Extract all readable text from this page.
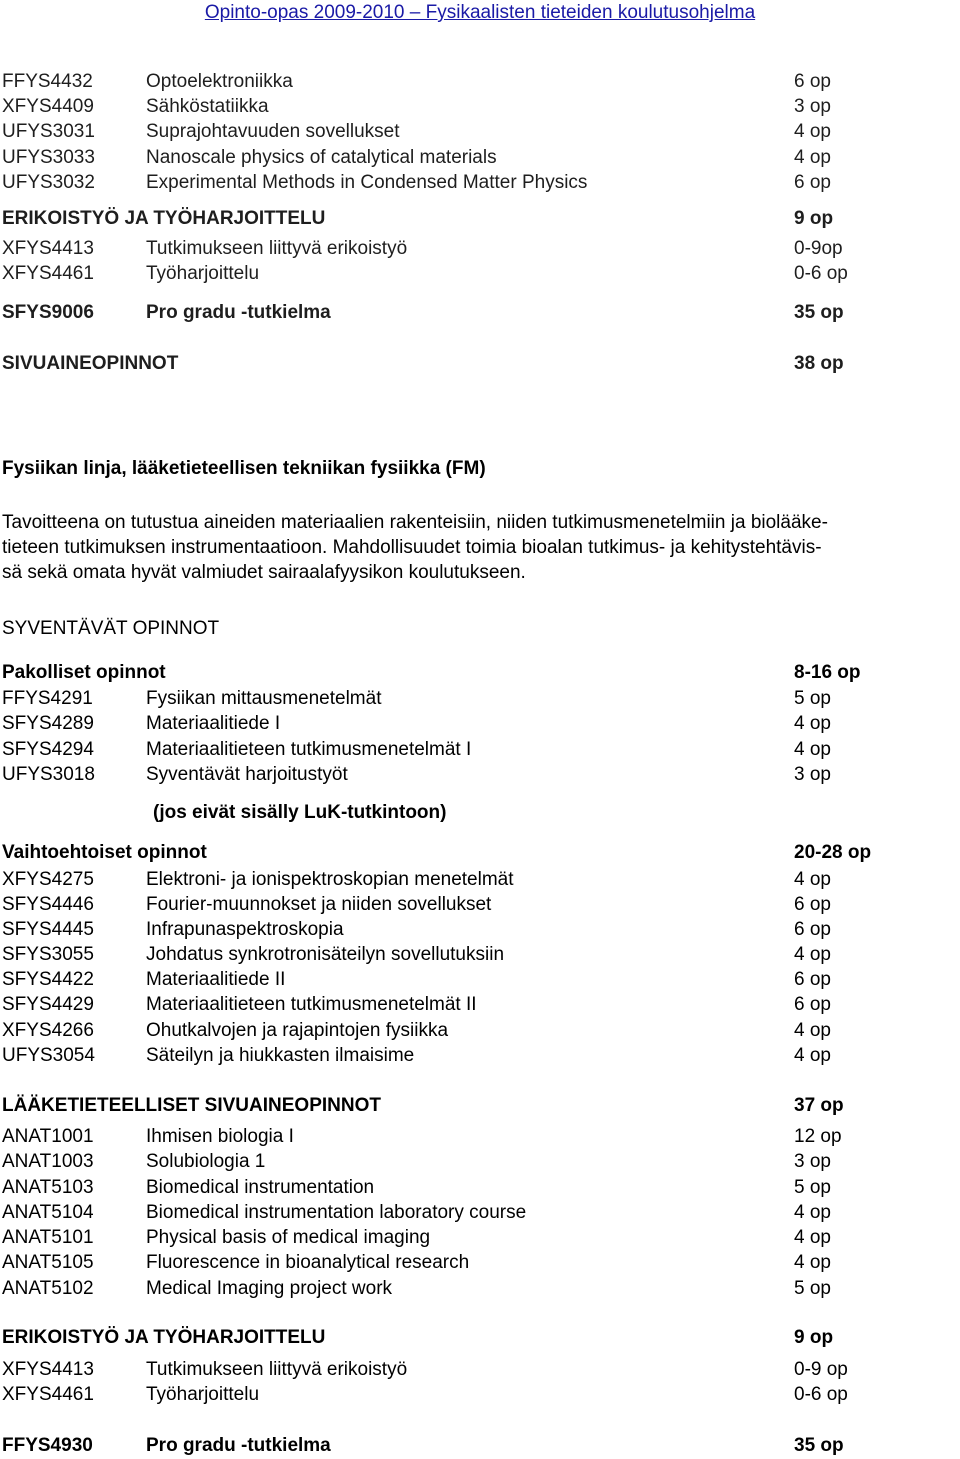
Opinto-opas 2009-2010 – Fysikaalisten tieteiden koulutusohjelma
FFYS4432	Optoelektroniikka	6 op
XFYS4409	Sähköstatiikka	3 op
UFYS3031	Suprajohtavuuden sovellukset	4 op
UFYS3033	Nanoscale physics of catalytical materials	4 op
UFYS3032	Experimental Methods in Condensed Matter Physics	6 op
ERIKOISTYÖ JA TYÖHARJOITTELU	9 op
XFYS4413	Tutkimukseen liittyvä erikoistyö	0-9op
XFYS4461	Työharjoittelu	0-6 op
SFYS9006	Pro gradu -tutkielma	35 op
SIVUAINEOPINNOT	38 op
Fysiikan linja, lääketieteellisen tekniikan fysiikka (FM)
Tavoitteena on tutustua aineiden materiaalien rakenteisiin, niiden tutkimusmenetelmiin ja biolääke-
tieteen tutkimuksen instrumentaatioon. Mahdollisuudet toimia bioalan tutkimus- ja kehitystehtävis-
sä sekä omata hyvät valmiudet sairaalafyysikon koulutukseen.
SYVENTÄVÄT OPINNOT
Pakolliset opinnot	8-16 op
FFYS4291	Fysiikan mittausmenetelmät	5 op
SFYS4289	Materiaalitiede I	4 op
SFYS4294	Materiaalitieteen tutkimusmenetelmät I	4 op
UFYS3018	Syventävät harjoitustyöt	3 op
(jos eivät sisälly LuK-tutkintoon)
Vaihtoehtoiset opinnot	20-28 op
XFYS4275	Elektroni- ja ionispektroskopian menetelmät	4 op
SFYS4446	Fourier-muunnokset ja niiden sovellukset	6 op
SFYS4445	Infrapunaspektroskopia	6 op
SFYS3055	Johdatus synkrotronisäteilyn sovellutuksiin	4 op
SFYS4422	Materiaalitiede II	6 op
SFYS4429	Materiaalitieteen tutkimusmenetelmät II	6 op
XFYS4266	Ohutkalvojen ja rajapintojen fysiikka	4 op
UFYS3054	Säteilyn ja hiukkasten ilmaisime	4 op
LÄÄKETIETEELLISET SIVUAINEOPINNOT	37 op
ANAT1001	Ihmisen biologia I	12 op
ANAT1003	Solubiologia 1	3 op
ANAT5103	Biomedical instrumentation	5 op
ANAT5104	Biomedical instrumentation laboratory course	4 op
ANAT5101	Physical basis of medical imaging	4 op
ANAT5105	Fluorescence in bioanalytical research	4 op
ANAT5102	Medical Imaging project work	5 op
ERIKOISTYÖ JA TYÖHARJOITTELU	9 op
XFYS4413	Tutkimukseen liittyvä erikoistyö	0-9 op
XFYS4461	Työharjoittelu	0-6 op
FFYS4930	Pro gradu -tutkielma	35 op
